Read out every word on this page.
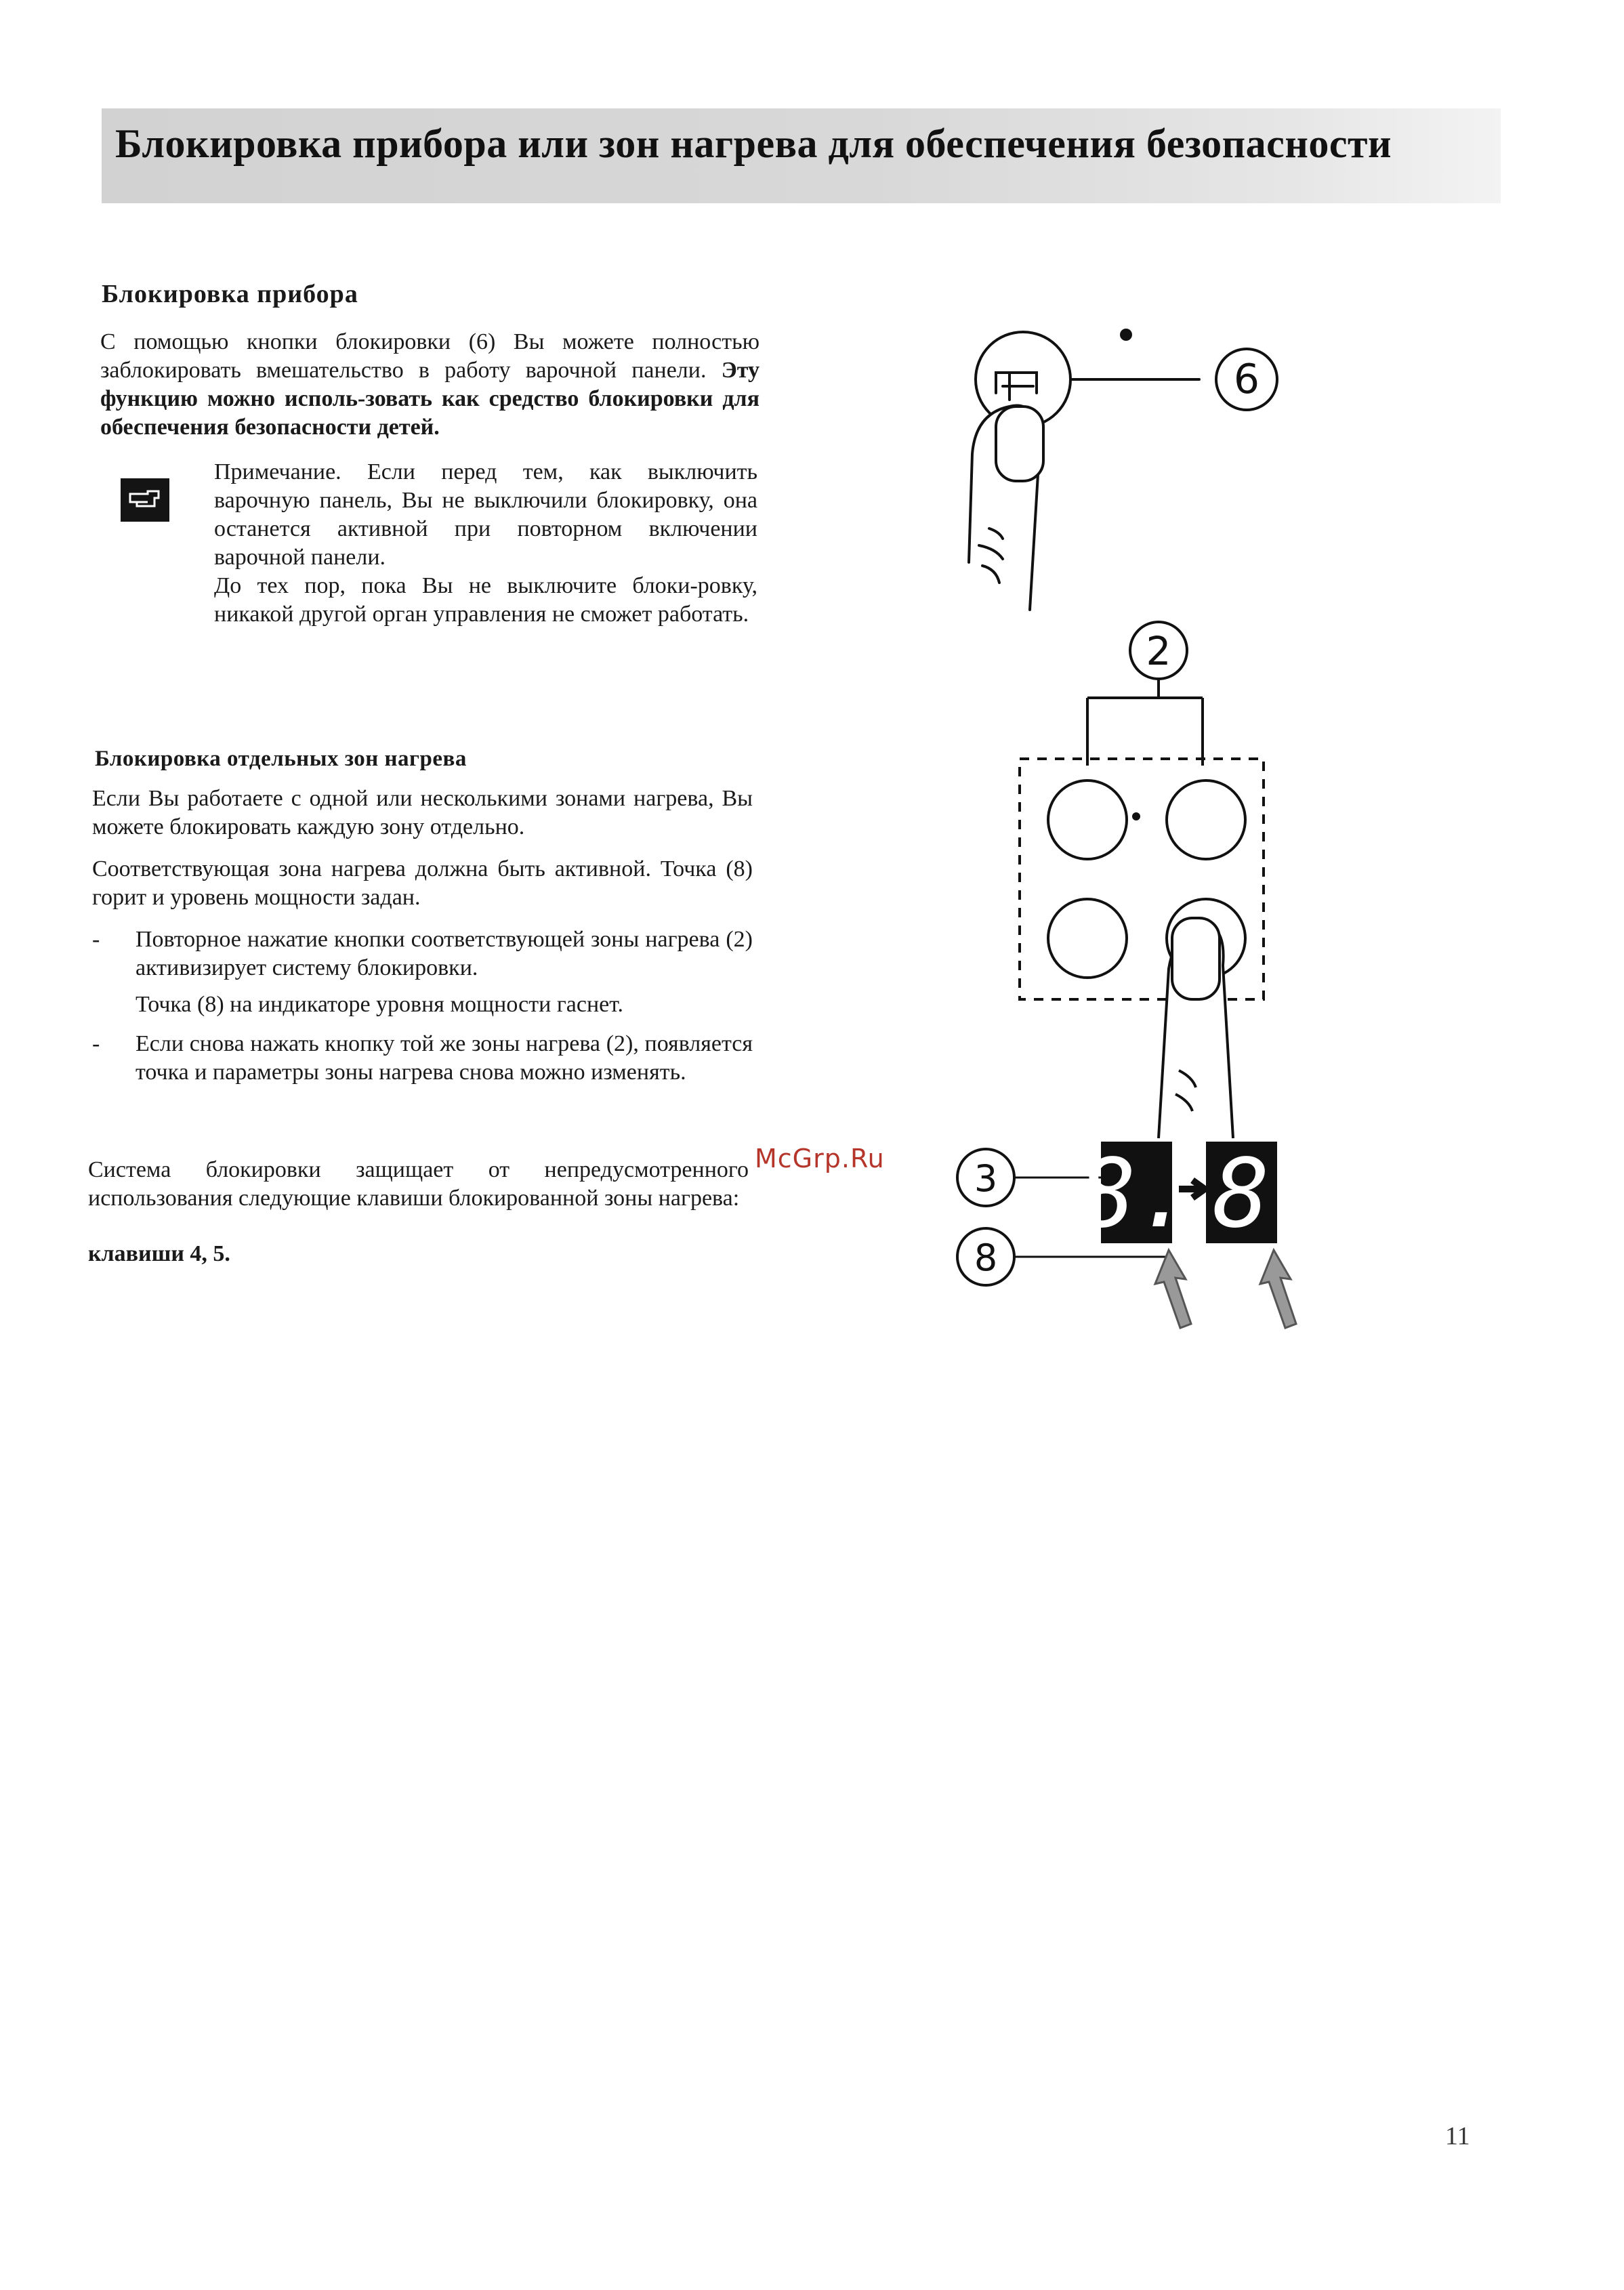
Блокировка прибора или зон нагрева для обеспечения безопасности
Блокировка прибора

С помощью кнопки блокировки (6) Вы можете полностью заблокировать вмешательство в работу варочной панели. Эту функцию можно исполь-зовать как средство блокировки для обеспечения безопасности детей.

Примечание. Если перед тем, как выключить варочную панель, Вы не выключили блокировку, она останется активной при повторном включении варочной панели.

До тех пор, пока Вы не выключите блоки-ровку, никакой другой орган управления не сможет работать.

Блокировка отдельных зон нагрева

Если Вы работаете с одной или несколькими зонами нагрева, Вы можете блокировать каждую зону отдельно.

Соответствующая зона нагрева должна быть активной. Точка (8) горит и уровень мощности задан.

-	Повторное нажатие кнопки соответствующей зоны нагрева (2) активизирует систему блокировки.

Точка (8) на индикаторе уровня мощности гаснет.

-	Если снова нажать кнопку той же зоны нагрева (2), появляется точка и параметры зоны нагрева снова можно изменять.

Система блокировки защищает от непредусмотренного использования следующие клавиши блокированной зоны нагрева:

клавиши 4, 5.

McGrp.Ru
6
2
3
8
8. 8
11
